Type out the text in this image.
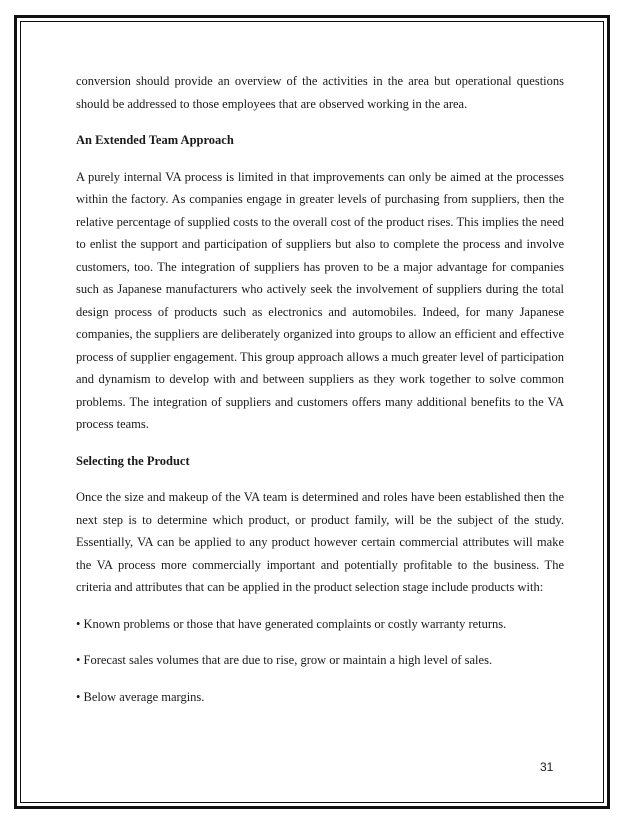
conversion should provide an overview of the activities in the area but operational questions should be addressed to those employees that are observed working in the area.

An Extended Team Approach

A purely internal VA process is limited in that improvements can only be aimed at the processes within the factory. As companies engage in greater levels of purchasing from suppliers, then the relative percentage of supplied costs to the overall cost of the product rises. This implies the need to enlist the support and participation of suppliers but also to complete the process and involve customers, too. The integration of suppliers has proven to be a major advantage for companies such as Japanese manufacturers who actively seek the involvement of suppliers during the total design process of products such as electronics and automobiles. Indeed, for many Japanese companies, the suppliers are deliberately organized into groups to allow an efficient and effective process of supplier engagement. This group approach allows a much greater level of participation and dynamism to develop with and between suppliers as they work together to solve common problems. The integration of suppliers and customers offers many additional benefits to the VA process teams.

Selecting the Product

Once the size and makeup of the VA team is determined and roles have been established then the next step is to determine which product, or product family, will be the subject of the study. Essentially, VA can be applied to any product however certain commercial attributes will make the VA process more commercially important and potentially profitable to the business. The criteria and attributes that can be applied in the product selection stage include products with:

• Known problems or those that have generated complaints or costly warranty returns.

• Forecast sales volumes that are due to rise, grow or maintain a high level of sales.

• Below average margins.

31
